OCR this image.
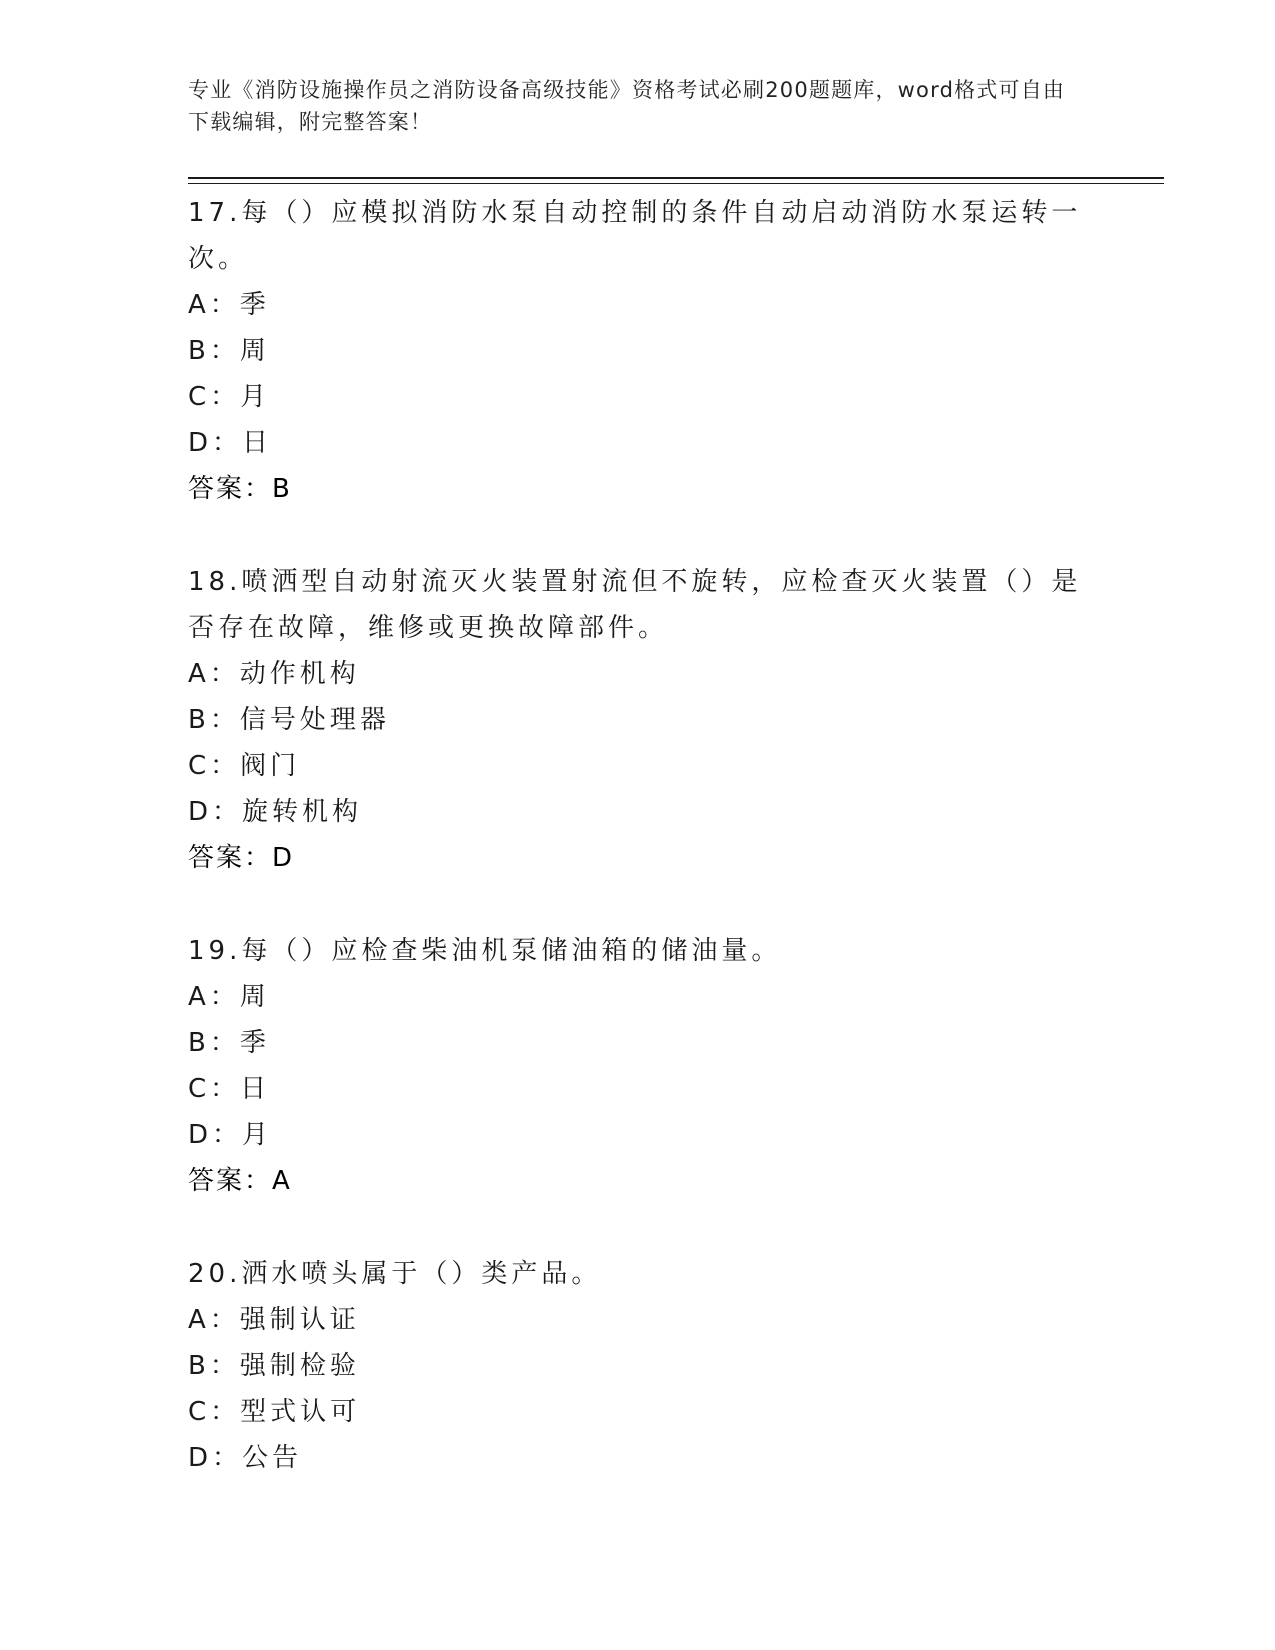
专业《消防设施操作员之消防设备高级技能》资格考试必刷200题题库，word格式可自由下载编辑，附完整答案！

17.每（）应模拟消防水泵自动控制的条件自动启动消防水泵运转一次。

A：季

B：周

C：月

D：日

答案：B

18.喷洒型自动射流灭火装置射流但不旋转，应检查灭火装置（）是否存在故障，维修或更换故障部件。

A：动作机构

B：信号处理器

C：阀门

D：旋转机构

答案：D

19.每（）应检查柴油机泵储油箱的储油量。

A：周

B：季

C：日

D：月

答案：A

20.洒水喷头属于（）类产品。

A：强制认证

B：强制检验

C：型式认可

D：公告
